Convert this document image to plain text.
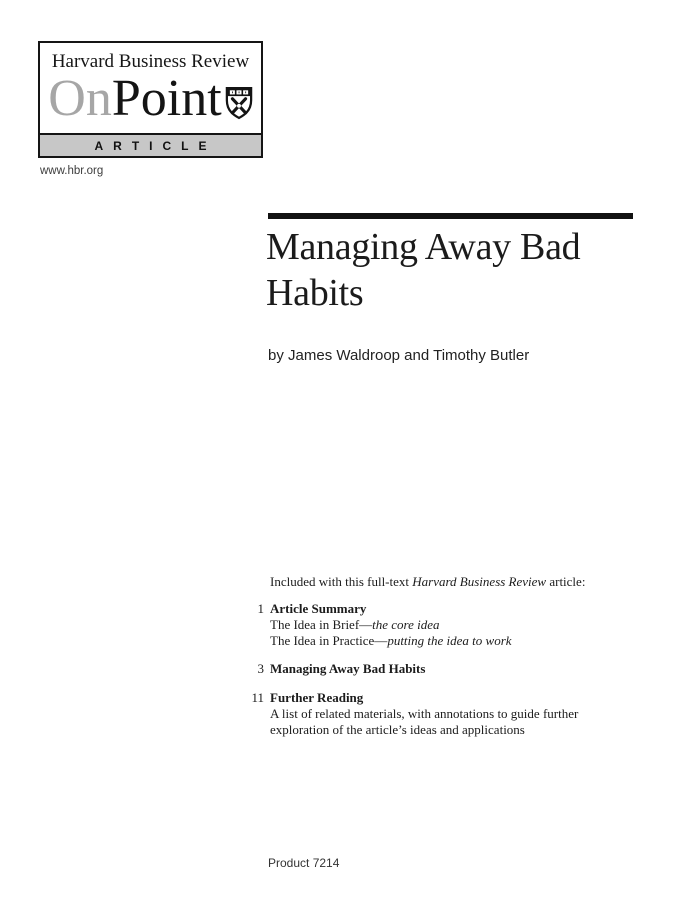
Harvard Business Review
On Point
ARTICLE
www.hbr.org
Managing Away Bad Habits
by James Waldroop and Timothy Butler
Included with this full-text Harvard Business Review article:
1 Article Summary
The Idea in Brief—the core idea
The Idea in Practice—putting the idea to work
3 Managing Away Bad Habits
11 Further Reading
A list of related materials, with annotations to guide further exploration of the article’s ideas and applications
Product 7214
